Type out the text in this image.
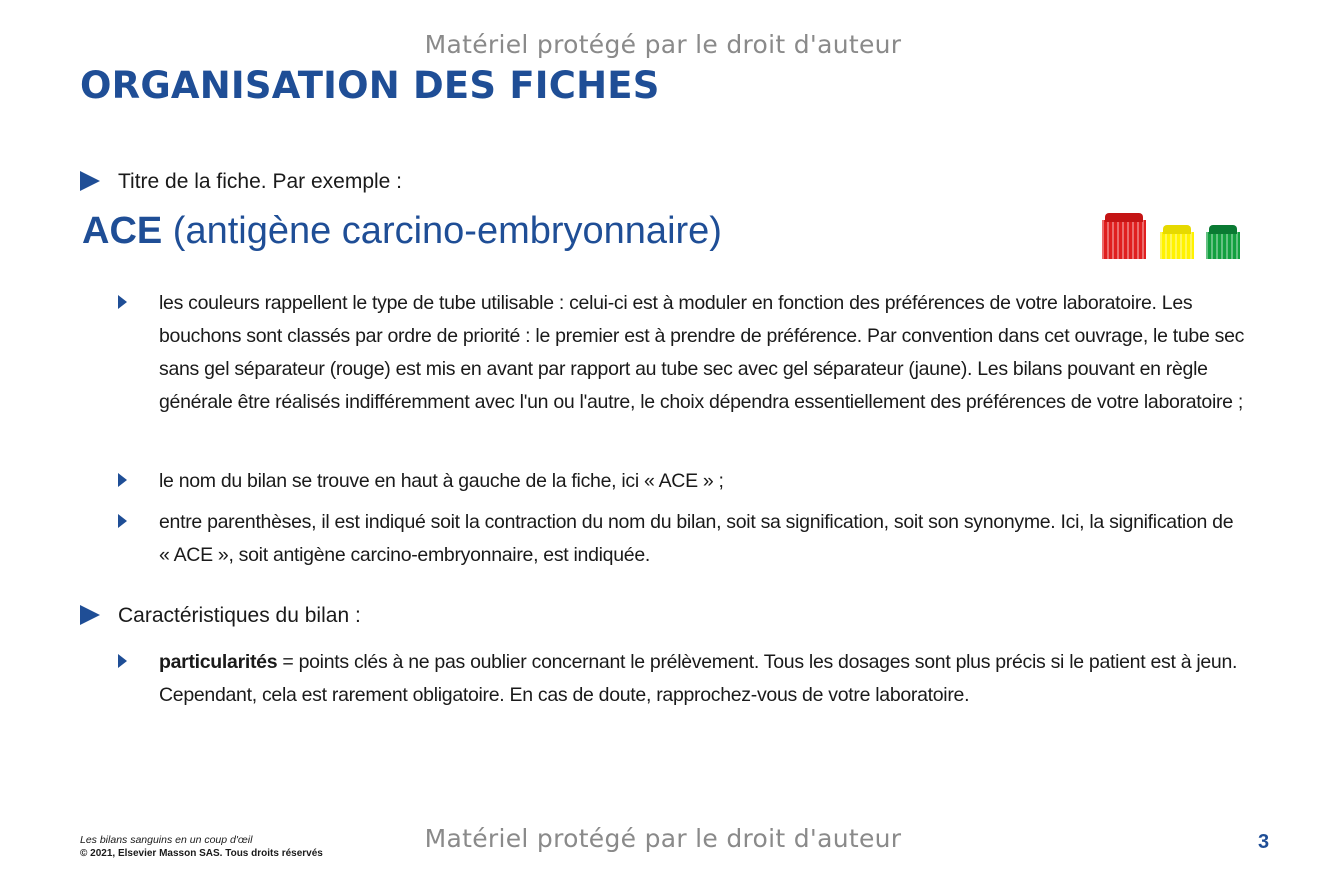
Matériel protégé par le droit d'auteur
ORGANISATION DES FICHES
Titre de la fiche. Par exemple :
ACE (antigène carcino-embryonnaire)
les couleurs rappellent le type de tube utilisable : celui-ci est à moduler en fonction des préférences de votre laboratoire. Les bouchons sont classés par ordre de priorité : le premier est à prendre de préférence. Par convention dans cet ouvrage, le tube sec sans gel séparateur (rouge) est mis en avant par rapport au tube sec avec gel séparateur (jaune). Les bilans pouvant en règle générale être réalisés indifféremment avec l'un ou l'autre, le choix dépendra essentiellement des préférences de votre laboratoire ;
le nom du bilan se trouve en haut à gauche de la fiche, ici « ACE » ;
entre parenthèses, il est indiqué soit la contraction du nom du bilan, soit sa signification, soit son synonyme. Ici, la signification de « ACE », soit antigène carcino-embryonnaire, est indiquée.
Caractéristiques du bilan :
particularités = points clés à ne pas oublier concernant le prélèvement. Tous les dosages sont plus précis si le patient est à jeun. Cependant, cela est rarement obligatoire. En cas de doute, rapprochez-vous de votre laboratoire.
Les bilans sanguins en un coup d'œil
© 2021, Elsevier Masson SAS. Tous droits réservés
Matériel protégé par le droit d'auteur	3
